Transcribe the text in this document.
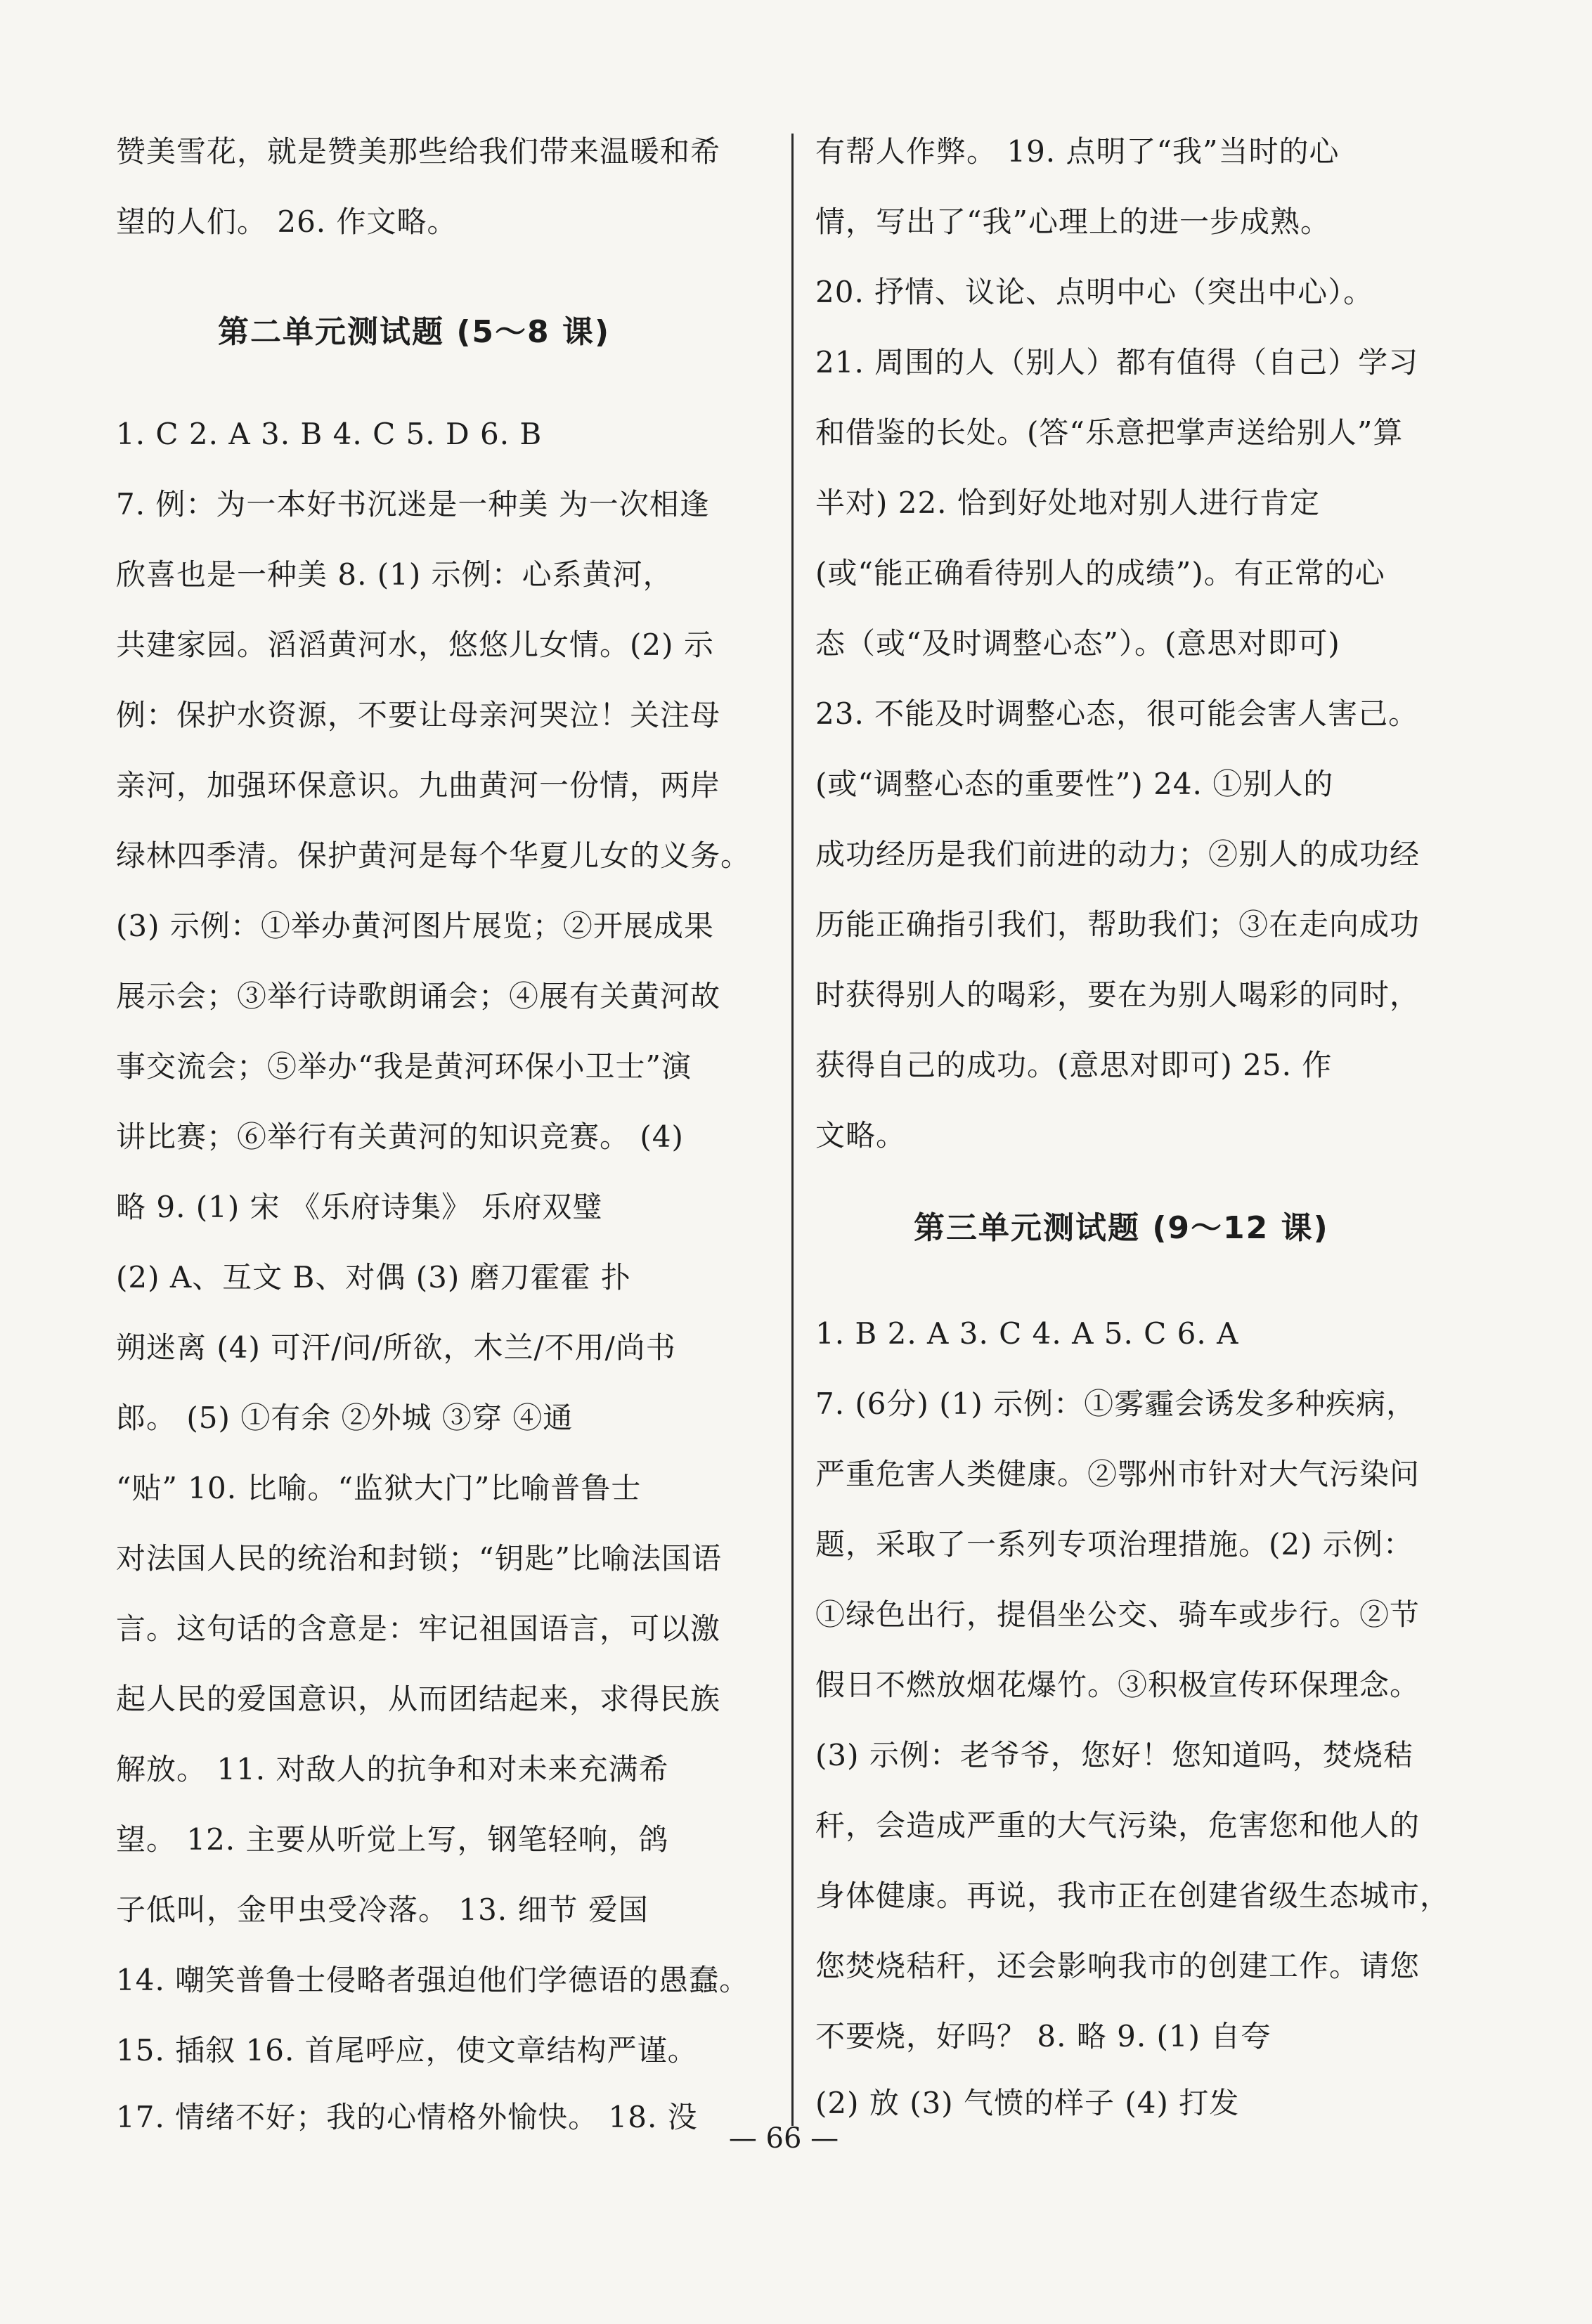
赞美雪花，就是赞美那些给我们带来温暖和希
望的人们。 26. 作文略。
第二单元测试题 (5～8 课)
1. C 2. A 3. B 4. C 5. D 6. B
7. 例：为一本好书沉迷是一种美 为一次相逢
欣喜也是一种美 8. (1) 示例：心系黄河，
共建家园。滔滔黄河水，悠悠儿女情。(2) 示
例：保护水资源，不要让母亲河哭泣！关注母
亲河，加强环保意识。九曲黄河一份情，两岸
绿林四季清。保护黄河是每个华夏儿女的义务。
(3) 示例：①举办黄河图片展览；②开展成果
展示会；③举行诗歌朗诵会；④展有关黄河故
事交流会；⑤举办“我是黄河环保小卫士”演
讲比赛；⑥举行有关黄河的知识竞赛。 (4)
略 9. (1) 宋 《乐府诗集》 乐府双璧
(2) A、互文 B、对偶 (3) 磨刀霍霍 扑
朔迷离 (4) 可汗/问/所欲，木兰/不用/尚书
郎。 (5) ①有余 ②外城 ③穿 ④通
“贴” 10. 比喻。“监狱大门”比喻普鲁士
对法国人民的统治和封锁；“钥匙”比喻法国语
言。这句话的含意是：牢记祖国语言，可以激
起人民的爱国意识，从而团结起来，求得民族
解放。 11. 对敌人的抗争和对未来充满希
望。 12. 主要从听觉上写，钢笔轻响，鸽
子低叫，金甲虫受冷落。 13. 细节 爱国
14. 嘲笑普鲁士侵略者强迫他们学德语的愚蠢。
15. 插叙 16. 首尾呼应，使文章结构严谨。
17. 情绪不好；我的心情格外愉快。 18. 没
有帮人作弊。 19. 点明了“我”当时的心
情，写出了“我”心理上的进一步成熟。
20. 抒情、议论、点明中心（突出中心）。
21. 周围的人（别人）都有值得（自己）学习
和借鉴的长处。(答“乐意把掌声送给别人”算
半对) 22. 恰到好处地对别人进行肯定
(或“能正确看待别人的成绩”)。有正常的心
态（或“及时调整心态”）。(意思对即可)
23. 不能及时调整心态，很可能会害人害己。
(或“调整心态的重要性”) 24. ①别人的
成功经历是我们前进的动力；②别人的成功经
历能正确指引我们，帮助我们；③在走向成功
时获得别人的喝彩，要在为别人喝彩的同时，
获得自己的成功。(意思对即可) 25. 作
文略。
第三单元测试题 (9～12 课)
1. B 2. A 3. C 4. A 5. C 6. A
7. (6分) (1) 示例：①雾霾会诱发多种疾病，
严重危害人类健康。②鄂州市针对大气污染问
题，采取了一系列专项治理措施。(2) 示例：
①绿色出行，提倡坐公交、骑车或步行。②节
假日不燃放烟花爆竹。③积极宣传环保理念。
(3) 示例：老爷爷，您好！您知道吗，焚烧秸
秆，会造成严重的大气污染，危害您和他人的
身体健康。再说，我市正在创建省级生态城市，
您焚烧秸秆，还会影响我市的创建工作。请您
不要烧，好吗？ 8. 略 9. (1) 自夸
(2) 放 (3) 气愤的样子 (4) 打发
— 66 —
